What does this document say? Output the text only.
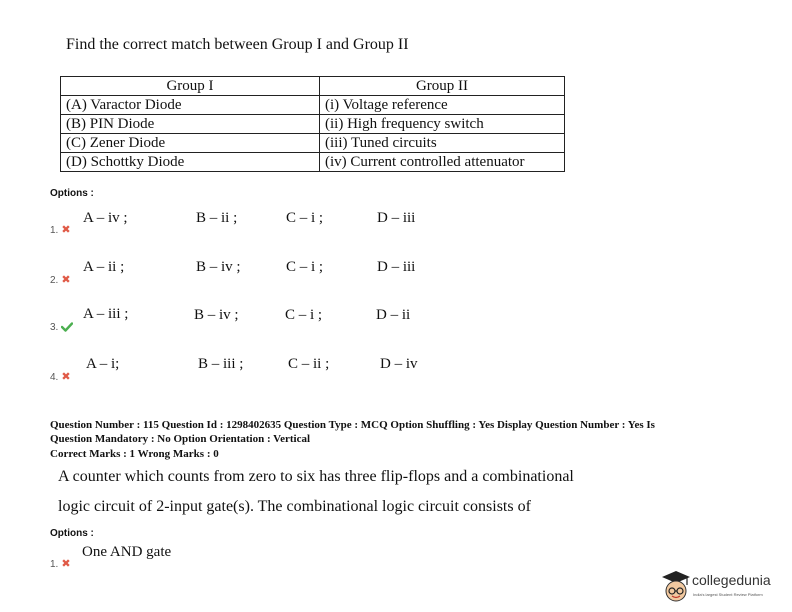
Find the correct match between Group I and Group II
Group I	Group II
(A) Varactor Diode	(i) Voltage reference
(B) PIN Diode	(ii) High frequency switch
(C) Zener Diode	(iii) Tuned circuits
(D) Schottky Diode	(iv) Current controlled attenuator
Options :
1. ✖
A – iv ;	B – ii ;	C – i ;	D – iii
2. ✖
A – ii ;	B – iv ;	C – i ;	D – iii
3.
A – iii ;	B – iv ;	C – i ;	D – ii
4. ✖
A – i;	B – iii ;	C – ii ;	D – iv
Question Number : 115 Question Id : 1298402635 Question Type : MCQ Option Shuffling : Yes Display Question Number : Yes Is
Question Mandatory : No Option Orientation : Vertical
Correct Marks : 1 Wrong Marks : 0
A counter which counts from zero to six has three flip-flops and a combinational
logic circuit of 2-input gate(s). The combinational logic circuit consists of
Options :
1. ✖
One AND gate
collegedunia
India's largest Student Review Platform
